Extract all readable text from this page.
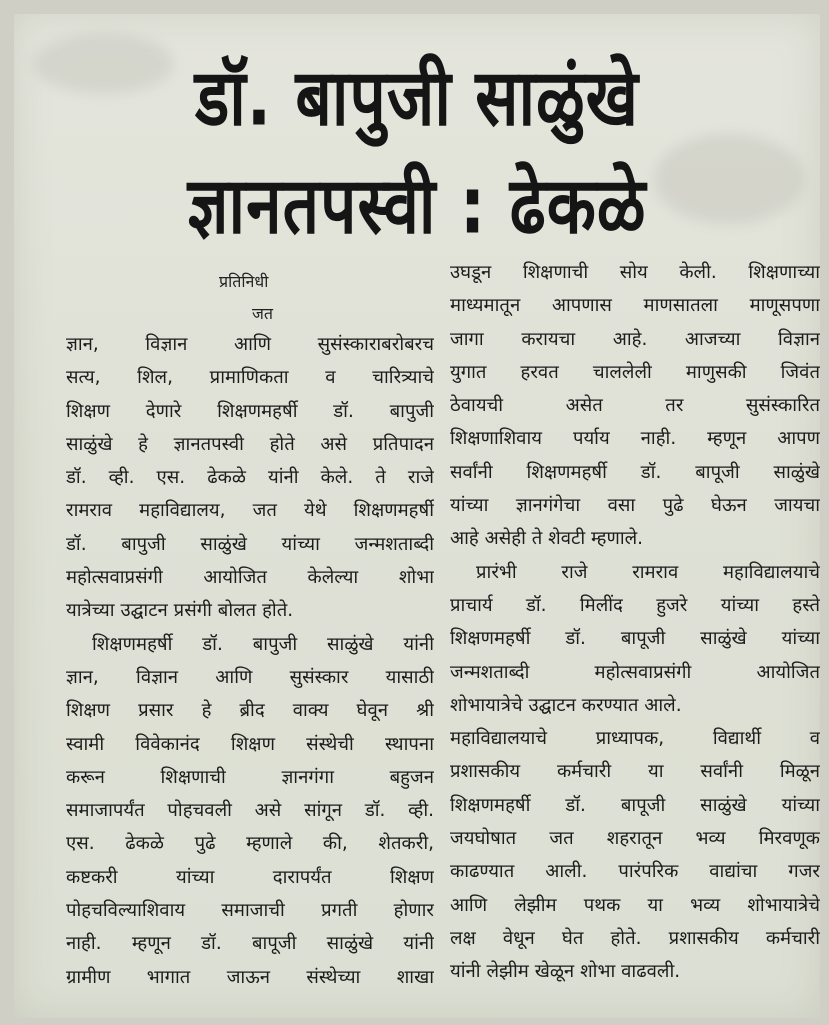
डॉ. बापुजी साळुंखे
ज्ञानतपस्वी : ढेकळे
प्रतिनिधी
जत
ज्ञान, विज्ञान आणि सुसंस्काराबरोबरच
सत्य, शिल, प्रामाणिकता व चारित्र्याचे
शिक्षण देणारे शिक्षणमहर्षी डॉ. बापुजी
साळुंखे हे ज्ञानतपस्वी होते असे प्रतिपादन
डॉ. व्ही. एस. ढेकळे यांनी केले. ते राजे
रामराव महाविद्यालय, जत येथे शिक्षणमहर्षी
डॉ. बापुजी साळुंखे यांच्या जन्मशताब्दी
महोत्सवाप्रसंगी आयोजित केलेल्या शोभा
यात्रेच्या उद्घाटन प्रसंगी बोलत होते.
शिक्षणमहर्षी डॉ. बापुजी साळुंखे यांनी
ज्ञान, विज्ञान आणि सुसंस्कार यासाठी
शिक्षण प्रसार हे ब्रीद वाक्य घेवून श्री
स्वामी विवेकानंद शिक्षण संस्थेची स्थापना
करून शिक्षणाची ज्ञानगंगा बहुजन
समाजापर्यंत पोहचवली असे सांगून डॉ. व्ही.
एस. ढेकळे पुढे म्हणाले की, शेतकरी,
कष्टकरी यांच्या दारापर्यंत शिक्षण
पोहचविल्याशिवाय समाजाची प्रगती होणार
नाही. म्हणून डॉ. बापूजी साळुंखे यांनी
ग्रामीण भागात जाऊन संस्थेच्या शाखा
उघडून शिक्षणाची सोय केली. शिक्षणाच्या
माध्यमातून आपणास माणसातला माणूसपणा
जागा करायचा आहे. आजच्या विज्ञान
युगात हरवत चाललेली माणुसकी जिवंत
ठेवायची असेत तर सुसंस्कारित
शिक्षणाशिवाय पर्याय नाही. म्हणून आपण
सर्वांनी शिक्षणमहर्षी डॉ. बापूजी साळुंखे
यांच्या ज्ञानगंगेचा वसा पुढे घेऊन जायचा
आहे असेही ते शेवटी म्हणाले.
प्रारंभी राजे रामराव महाविद्यालयाचे
प्राचार्य डॉ. मिलींद हुजरे यांच्या हस्ते
शिक्षणमहर्षी डॉ. बापूजी साळुंखे यांच्या
जन्मशताब्दी महोत्सवाप्रसंगी आयोजित
शोभायात्रेचे उद्घाटन करण्यात आले.
महाविद्यालयाचे प्राध्यापक, विद्यार्थी व
प्रशासकीय कर्मचारी या सर्वांनी मिळून
शिक्षणमहर्षी डॉ. बापूजी साळुंखे यांच्या
जयघोषात जत शहरातून भव्य मिरवणूक
काढण्यात आली. पारंपरिक वाद्यांचा गजर
आणि लेझीम पथक या भव्य शोभायात्रेचे
लक्ष वेधून घेत होते. प्रशासकीय कर्मचारी
यांनी लेझीम खेळून शोभा वाढवली.
